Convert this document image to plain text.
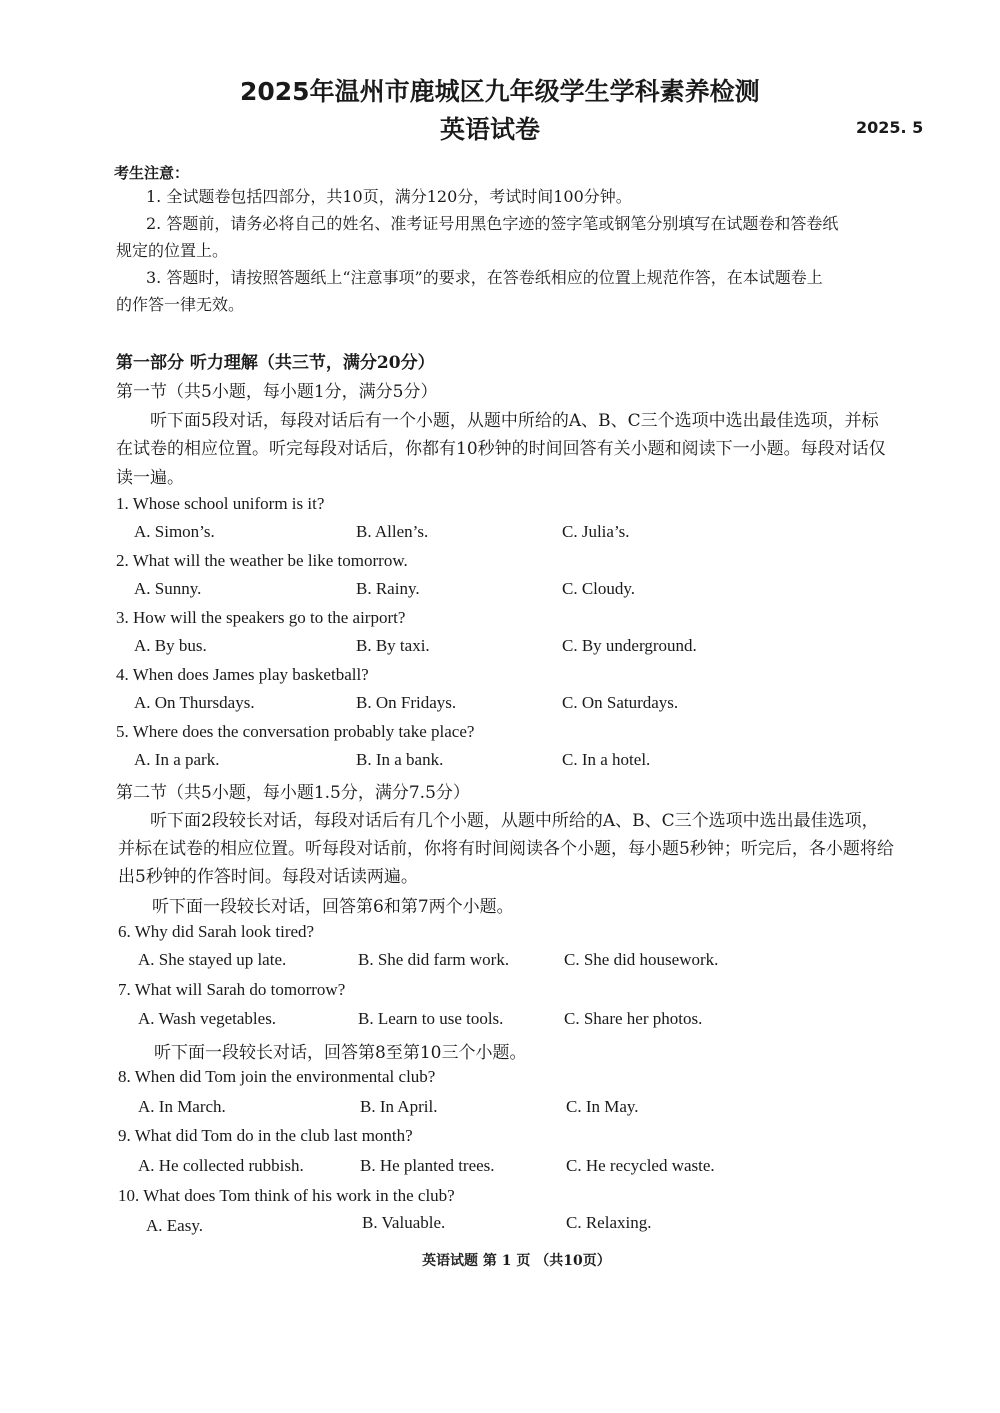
2025年温州市鹿城区九年级学生学科素养检测
英语试卷	2025. 5
考生注意：
1. 全试题卷包括四部分，共10页，满分120分，考试时间100分钟。
2. 答题前，请务必将自己的姓名、准考证号用黑色字迹的签字笔或钢笔分别填写在试题卷和答卷纸
规定的位置上。
3. 答题时，请按照答题纸上“注意事项”的要求，在答卷纸相应的位置上规范作答，在本试题卷上
的作答一律无效。
第一部分 听力理解（共三节，满分20分）
第一节（共5小题，每小题1分，满分5分）
听下面5段对话，每段对话后有一个小题，从题中所给的A、B、C三个选项中选出最佳选项，并标
在试卷的相应位置。听完每段对话后，你都有10秒钟的时间回答有关小题和阅读下一小题。每段对话仅
读一遍。
1. Whose school uniform is it?
A. Simon’s.	B. Allen’s.	C. Julia’s.
2. What will the weather be like tomorrow.
A. Sunny.	B. Rainy.	C. Cloudy.
3. How will the speakers go to the airport?
A. By bus.	B. By taxi.	C. By underground.
4. When does James play basketball?
A. On Thursdays.	B. On Fridays.	C. On Saturdays.
5. Where does the conversation probably take place?
A. In a park.	B. In a bank.	C. In a hotel.
第二节（共5小题，每小题1.5分，满分7.5分）
听下面2段较长对话，每段对话后有几个小题，从题中所给的A、B、C三个选项中选出最佳选项，
并标在试卷的相应位置。听每段对话前，你将有时间阅读各个小题，每小题5秒钟；听完后，各小题将给
出5秒钟的作答时间。每段对话读两遍。
听下面一段较长对话，回答第6和第7两个小题。
6. Why did Sarah look tired?
A. She stayed up late.	B. She did farm work.	C. She did housework.
7. What will Sarah do tomorrow?
A. Wash vegetables.	B. Learn to use tools.	C. Share her photos.
听下面一段较长对话，回答第8至第10三个小题。
8. When did Tom join the environmental club?
A. In March.	B. In April.	C. In May.
9. What did Tom do in the club last month?
A. He collected rubbish.	B. He planted trees.	C. He recycled waste.
10. What does Tom think of his work in the club?
A. Easy.	B. Valuable.	C. Relaxing.
英语试题 第 1 页 （共10页）
